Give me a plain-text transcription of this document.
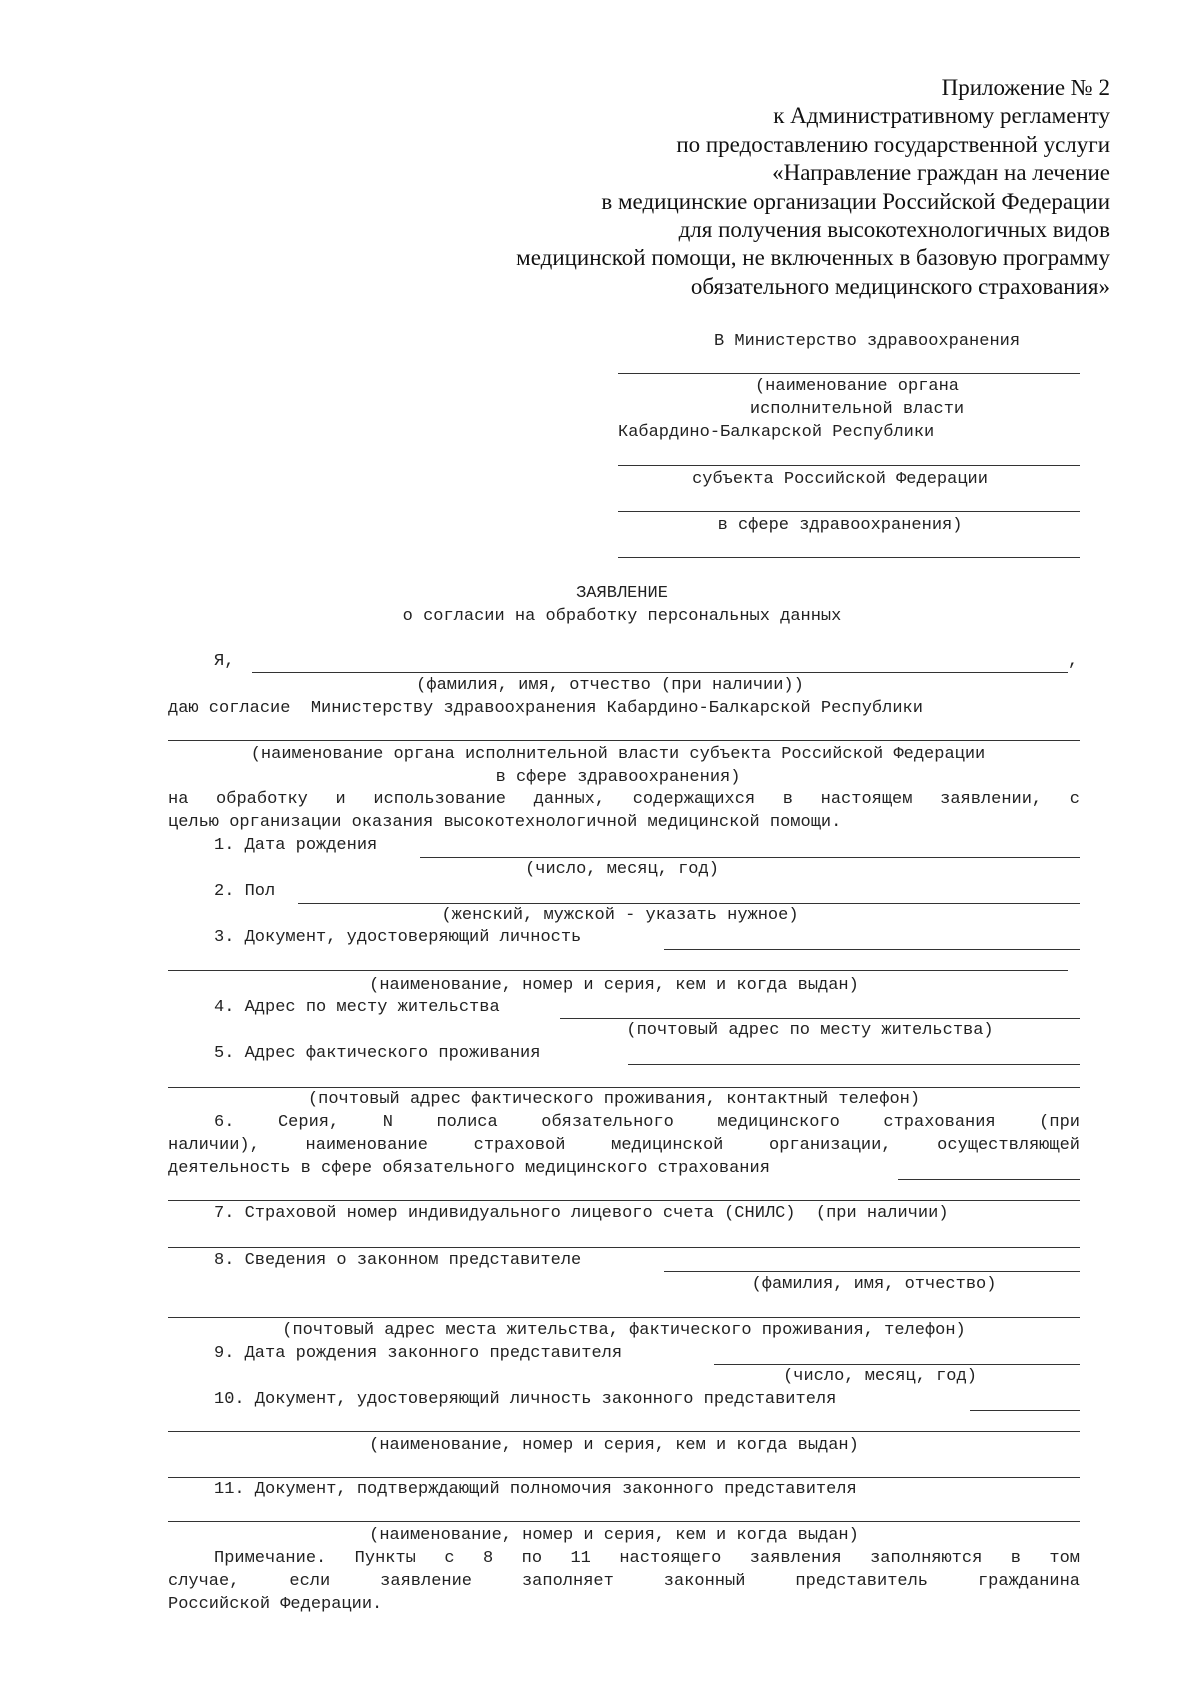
Приложение № 2
к Административному регламенту
по предоставлению государственной услуги
«Направление граждан на лечение
в медицинские организации Российской Федерации
для получения высокотехнологичных видов
медицинской помощи, не включенных в базовую программу
обязательного медицинского страхования»
В Министерство здравоохранения
(наименование органа
исполнительной власти
Кабардино-Балкарской Республики
субъекта Российской Федерации
в сфере здравоохранения)
ЗАЯВЛЕНИЕ
о согласии на обработку персональных данных
Я,	,
(фамилия, имя, отчество (при наличии))
даю согласие  Министерству здравоохранения Кабардино-Балкарской Республики
(наименование органа исполнительной власти субъекта Российской Федерации
в сфере здравоохранения)
на обработку и использование данных, содержащихся в настоящем заявлении, с
целью организации оказания высокотехнологичной медицинской помощи.
1. Дата рождения
(число, месяц, год)
2. Пол
(женский, мужской - указать нужное)
3. Документ, удостоверяющий личность
(наименование, номер и серия, кем и когда выдан)
4. Адрес по месту жительства
(почтовый адрес по месту жительства)
5. Адрес фактического проживания
(почтовый адрес фактического проживания, контактный телефон)
6. Серия, N полиса обязательного медицинского страхования (при
наличии), наименование страховой медицинской организации, осуществляющей
деятельность в сфере обязательного медицинского страхования
7. Страховой номер индивидуального лицевого счета (СНИЛС)  (при наличии)
8. Сведения о законном представителе
(фамилия, имя, отчество)
(почтовый адрес места жительства, фактического проживания, телефон)
9. Дата рождения законного представителя
(число, месяц, год)
10. Документ, удостоверяющий личность законного представителя
(наименование, номер и серия, кем и когда выдан)
11. Документ, подтверждающий полномочия законного представителя
(наименование, номер и серия, кем и когда выдан)
Примечание. Пункты с 8 по 11 настоящего заявления заполняются в том
случае, если заявление заполняет законный представитель гражданина
Российской Федерации.
